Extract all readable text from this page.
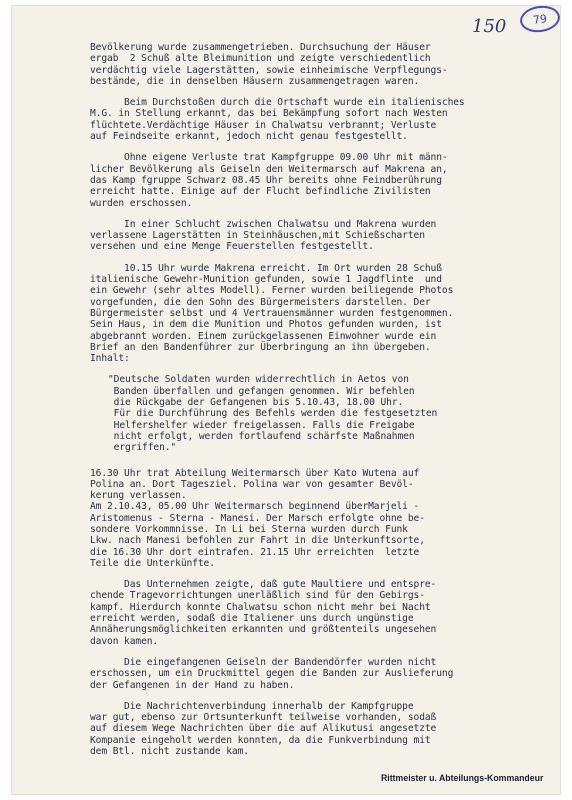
150	79
Bevölkerung wurde zusammengetrieben. Durchsuchung der Häuser
ergab  2 Schuß alte Bleimunition und zeigte verschiedentlich
verdächtig viele Lagerstätten, sowie einheimische Verpflegungs-
bestände, die in denselben Häusern zusammengetragen waren.
Beim Durchstoßen durch die Ortschaft wurde ein italienisches
M.G. in Stellung erkannt, das bei Bekämpfung sofort nach Westen
flüchtete.Verdächtige Häuser in Chalwatsu verbrannt; Verluste
auf Feindseite erkannt, jedoch nicht genau festgestellt.
Ohne eigene Verluste trat Kampfgruppe 09.00 Uhr mit männ-
licher Bevölkerung als Geiseln den Weitermarsch auf Makrena an,
das Kamp fgruppe Schwarz 08.45 Uhr bereits ohne Feindberührung
erreicht hatte. Einige auf der Flucht befindliche Zivilisten
wurden erschossen.
In einer Schlucht zwischen Chalwatsu und Makrena wurden
verlassene Lagerstätten in Steinhäuschen,mit Schießscharten
versehen und eine Menge Feuerstellen festgestellt.
10.15 Uhr wurde Makrena erreicht. Im Ort wurden 28 Schuß
italienische Gewehr-Munition gefunden, sowie 1 Jagdflinte  und
ein Gewehr (sehr altes Modell). Ferner wurden beiliegende Photos
vorgefunden, die den Sohn des Bürgermeisters darstellen. Der
Bürgermeister selbst und 4 Vertrauensmänner wurden festgenommen.
Sein Haus, in dem die Munition und Photos gefunden wurden, ist
abgebrannt worden. Einem zurückgelassenen Einwohner wurde ein
Brief an den Bandenführer zur Überbringung an ihn übergeben.
Inhalt:
"Deutsche Soldaten wurden widerrechtlich in Aetos von
Banden überfallen und gefangen genommen. Wir befehlen
die Rückgabe der Gefangenen bis 5.10.43, 18.00 Uhr.
Für die Durchführung des Befehls werden die festgesetzten
Helfershelfer wieder freigelassen. Falls die Freigabe
nicht erfolgt, werden fortlaufend schärfste Maßnahmen
ergriffen."
16.30 Uhr trat Abteilung Weitermarsch über Kato Wutena auf
Polina an. Dort Tagesziel. Polina war von gesamter Bevöl-
kerung verlassen.
Am 2.10.43, 05.00 Uhr Weitermarsch beginnend überMarjeli -
Aristomenus - Sterna - Manesi. Der Marsch erfolgte ohne be-
sondere Vorkommnisse. In Li bei Sterna wurden durch Funk
Lkw. nach Manesi befohlen zur Fahrt in die Unterkunftsorte,
die 16.30 Uhr dort eintrafen. 21.15 Uhr erreichten  letzte
Teile die Unterkünfte.
Das Unternehmen zeigte, daß gute Maultiere und entspre-
chende Tragevorrichtungen unerläßlich sind für den Gebirgs-
kampf. Hierdurch konnte Chalwatsu schon nicht mehr bei Nacht
erreicht werden, sodaß die Italiener uns durch ungünstige
Annäherungsmöglichkeiten erkannten und größtenteils ungesehen
davon kamen.
Die eingefangenen Geiseln der Bandendörfer wurden nicht
erschossen, um ein Druckmittel gegen die Banden zur Auslieferung
der Gefangenen in der Hand zu haben.
Die Nachrichtenverbindung innerhalb der Kampfgruppe
war gut, ebenso zur Ortsunterkunft teilweise vorhanden, sodaß
auf diesem Wege Nachrichten über die auf Alikutusi angesetzte
Kompanie eingeholt werden konnten, da die Funkverbindung mit
dem Btl. nicht zustande kam.
Rittmeister u. Abteilungs-Kommandeur
